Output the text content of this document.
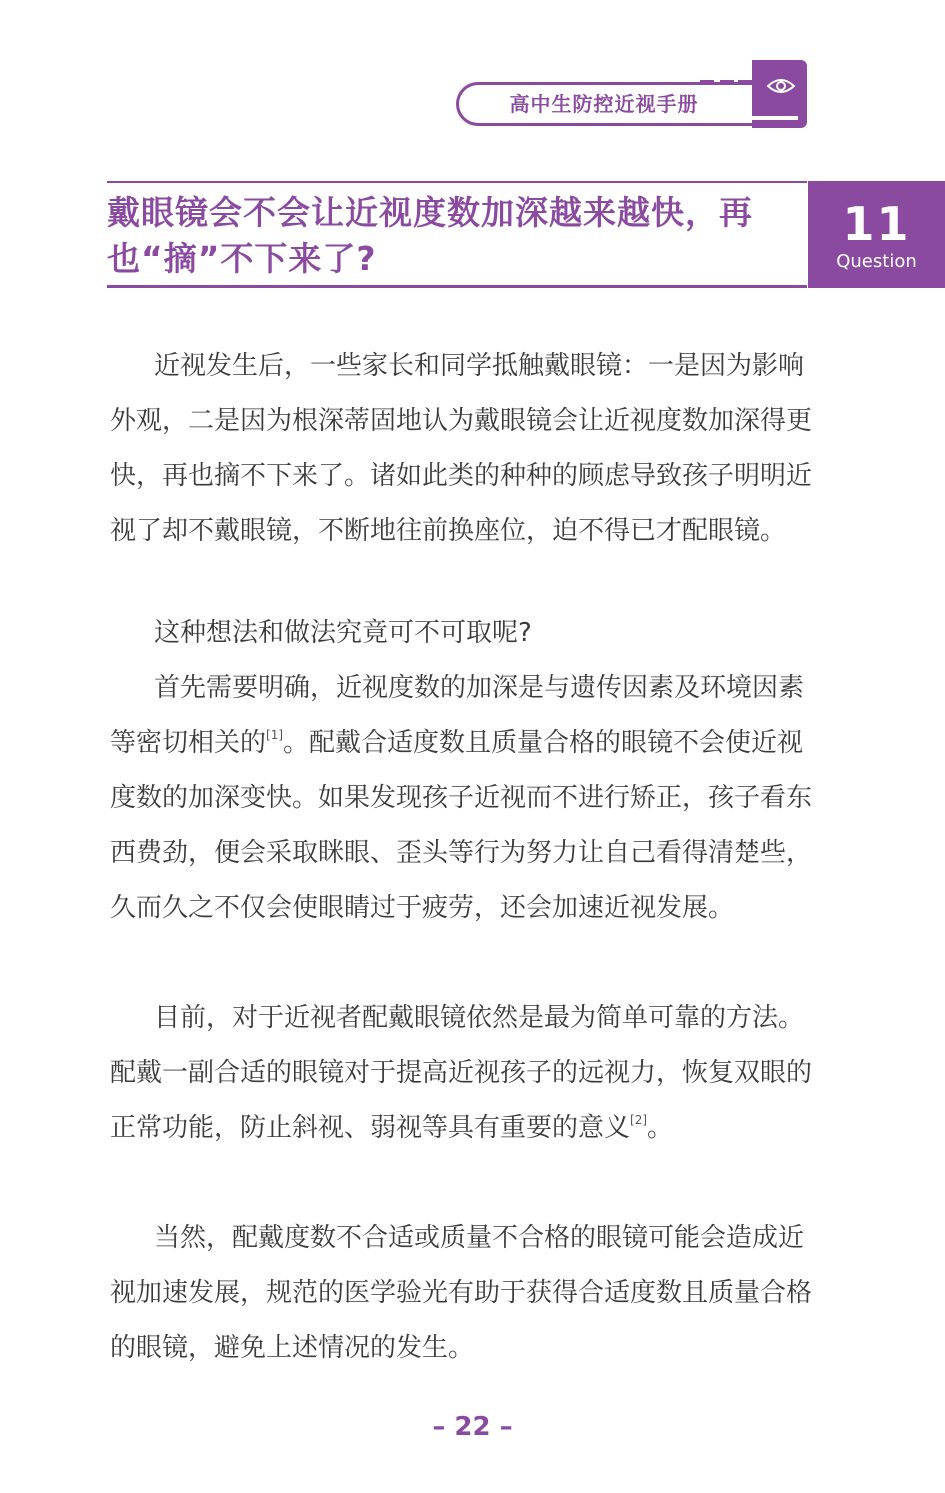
高中生防控近视手册
戴眼镜会不会让近视度数加深越来越快，再也“摘”不下来了?
11
Question

近视发生后，一些家长和同学抵触戴眼镜：一是因为影响外观，二是因为根深蒂固地认为戴眼镜会让近视度数加深得更快，再也摘不下来了。诸如此类的种种的顾虑导致孩子明明近视了却不戴眼镜，不断地往前换座位，迫不得已才配眼镜。

这种想法和做法究竟可不可取呢?

首先需要明确，近视度数的加深是与遗传因素及环境因素等密切相关的[1]。配戴合适度数且质量合格的眼镜不会使近视度数的加深变快。如果发现孩子近视而不进行矫正，孩子看东西费劲，便会采取眯眼、歪头等行为努力让自己看得清楚些，久而久之不仅会使眼睛过于疲劳，还会加速近视发展。

目前，对于近视者配戴眼镜依然是最为简单可靠的方法。配戴一副合适的眼镜对于提高近视孩子的远视力，恢复双眼的正常功能，防止斜视、弱视等具有重要的意义[2]。

当然，配戴度数不合适或质量不合格的眼镜可能会造成近视加速发展，规范的医学验光有助于获得合适度数且质量合格的眼镜，避免上述情况的发生。

– 22 –
